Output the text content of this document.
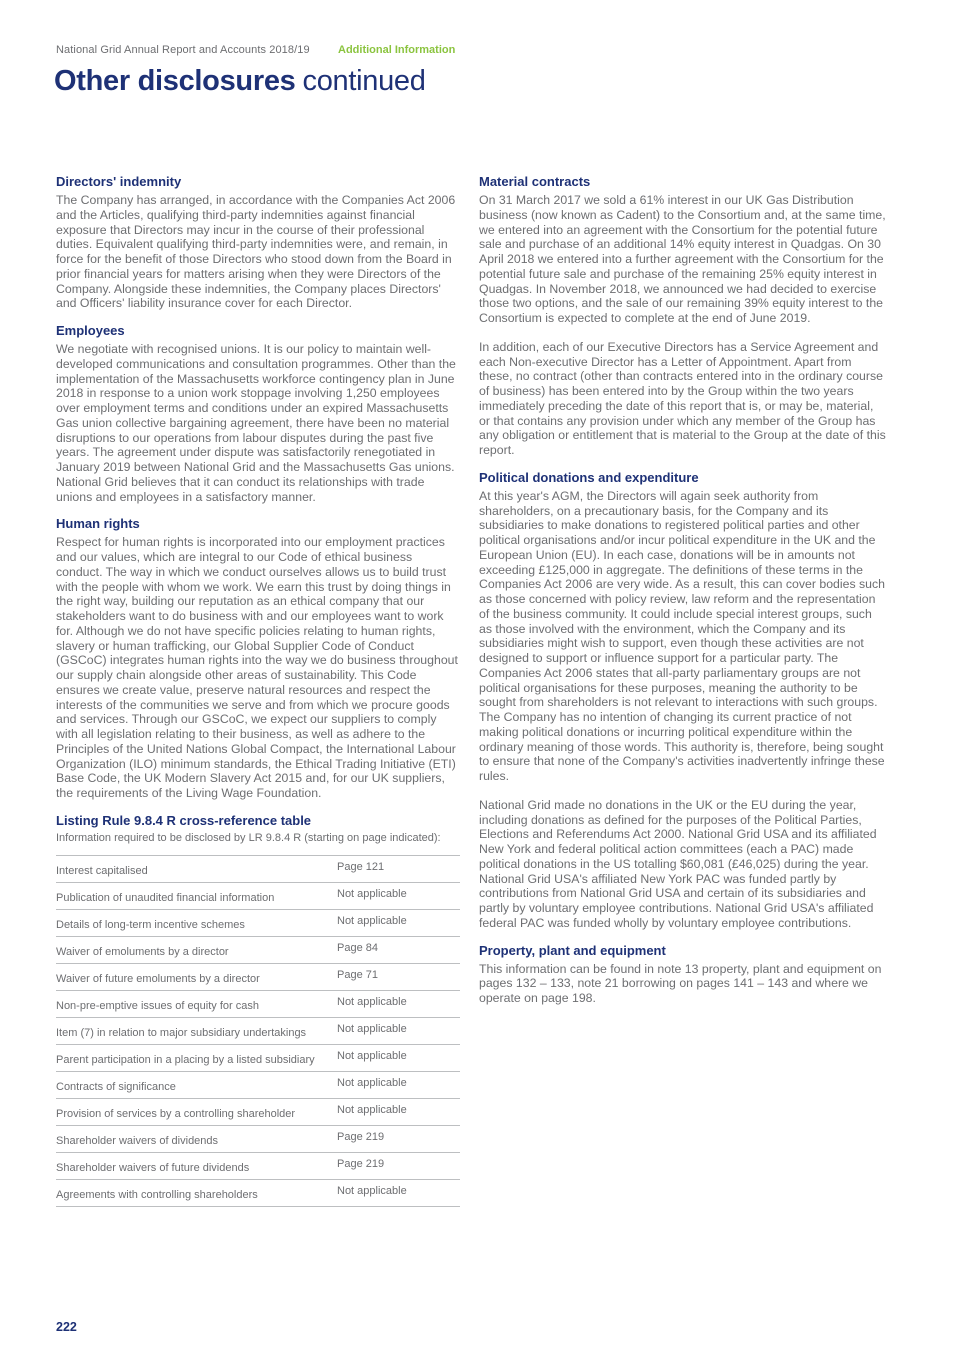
National Grid Annual Report and Accounts 2018/19	Additional Information
Other disclosures continued
Directors' indemnity

The Company has arranged, in accordance with the Companies Act 2006 and the Articles, qualifying third-party indemnities against financial exposure that Directors may incur in the course of their professional duties. Equivalent qualifying third-party indemnities were, and remain, in force for the benefit of those Directors who stood down from the Board in prior financial years for matters arising when they were Directors of the Company. Alongside these indemnities, the Company places Directors' and Officers' liability insurance cover for each Director.

Employees

We negotiate with recognised unions. It is our policy to maintain well-developed communications and consultation programmes. Other than the implementation of the Massachusetts workforce contingency plan in June 2018 in response to a union work stoppage involving 1,250 employees over employment terms and conditions under an expired Massachusetts Gas union collective bargaining agreement, there have been no material disruptions to our operations from labour disputes during the past five years. The agreement under dispute was satisfactorily renegotiated in January 2019 between National Grid and the Massachusetts Gas unions. National Grid believes that it can conduct its relationships with trade unions and employees in a satisfactory manner.

Human rights

Respect for human rights is incorporated into our employment practices and our values, which are integral to our Code of ethical business conduct. The way in which we conduct ourselves allows us to build trust with the people with whom we work. We earn this trust by doing things in the right way, building our reputation as an ethical company that our stakeholders want to do business with and our employees want to work for. Although we do not have specific policies relating to human rights, slavery or human trafficking, our Global Supplier Code of Conduct (GSCoC) integrates human rights into the way we do business throughout our supply chain alongside other areas of sustainability. This Code ensures we create value, preserve natural resources and respect the interests of the communities we serve and from which we procure goods and services. Through our GSCoC, we expect our suppliers to comply with all legislation relating to their business, as well as adhere to the Principles of the United Nations Global Compact, the International Labour Organization (ILO) minimum standards, the Ethical Trading Initiative (ETI) Base Code, the UK Modern Slavery Act 2015 and, for our UK suppliers, the requirements of the Living Wage Foundation.

Listing Rule 9.8.4 R cross-reference table

Information required to be disclosed by LR 9.8.4 R (starting on page indicated):

Interest capitalised	Page 121
Publication of unaudited financial information	Not applicable
Details of long-term incentive schemes	Not applicable
Waiver of emoluments by a director	Page 84
Waiver of future emoluments by a director	Page 71
Non-pre-emptive issues of equity for cash	Not applicable
Item (7) in relation to major subsidiary undertakings	Not applicable
Parent participation in a placing by a listed subsidiary Not applicable
Contracts of significance	Not applicable
Provision of services by a controlling shareholder	Not applicable
Shareholder waivers of dividends	Page 219
Shareholder waivers of future dividends	Page 219
Agreements with controlling shareholders	Not applicable
Material contracts

On 31 March 2017 we sold a 61% interest in our UK Gas Distribution business (now known as Cadent) to the Consortium and, at the same time, we entered into an agreement with the Consortium for the potential future sale and purchase of an additional 14% equity interest in Quadgas. On 30 April 2018 we entered into a further agreement with the Consortium for the potential future sale and purchase of the remaining 25% equity interest in Quadgas. In November 2018, we announced we had decided to exercise those two options, and the sale of our remaining 39% equity interest to the Consortium is expected to complete at the end of June 2019.

In addition, each of our Executive Directors has a Service Agreement and each Non-executive Director has a Letter of Appointment. Apart from these, no contract (other than contracts entered into in the ordinary course of business) has been entered into by the Group within the two years immediately preceding the date of this report that is, or may be, material, or that contains any provision under which any member of the Group has any obligation or entitlement that is material to the Group at the date of this report.

Political donations and expenditure

At this year's AGM, the Directors will again seek authority from shareholders, on a precautionary basis, for the Company and its subsidiaries to make donations to registered political parties and other political organisations and/or incur political expenditure in the UK and the European Union (EU). In each case, donations will be in amounts not exceeding £125,000 in aggregate. The definitions of these terms in the Companies Act 2006 are very wide. As a result, this can cover bodies such as those concerned with policy review, law reform and the representation of the business community. It could include special interest groups, such as those involved with the environment, which the Company and its subsidiaries might wish to support, even though these activities are not designed to support or influence support for a particular party. The Companies Act 2006 states that all-party parliamentary groups are not political organisations for these purposes, meaning the authority to be sought from shareholders is not relevant to interactions with such groups. The Company has no intention of changing its current practice of not making political donations or incurring political expenditure within the ordinary meaning of those words. This authority is, therefore, being sought to ensure that none of the Company's activities inadvertently infringe these rules.

National Grid made no donations in the UK or the EU during the year, including donations as defined for the purposes of the Political Parties, Elections and Referendums Act 2000. National Grid USA and its affiliated New York and federal political action committees (each a PAC) made political donations in the US totalling $60,081 (£46,025) during the year. National Grid USA's affiliated New York PAC was funded partly by contributions from National Grid USA and certain of its subsidiaries and partly by voluntary employee contributions. National Grid USA's affiliated federal PAC was funded wholly by voluntary employee contributions.

Property, plant and equipment

This information can be found in note 13 property, plant and equipment on pages 132 – 133, note 21 borrowing on pages 141 – 143 and where we operate on page 198.

222
